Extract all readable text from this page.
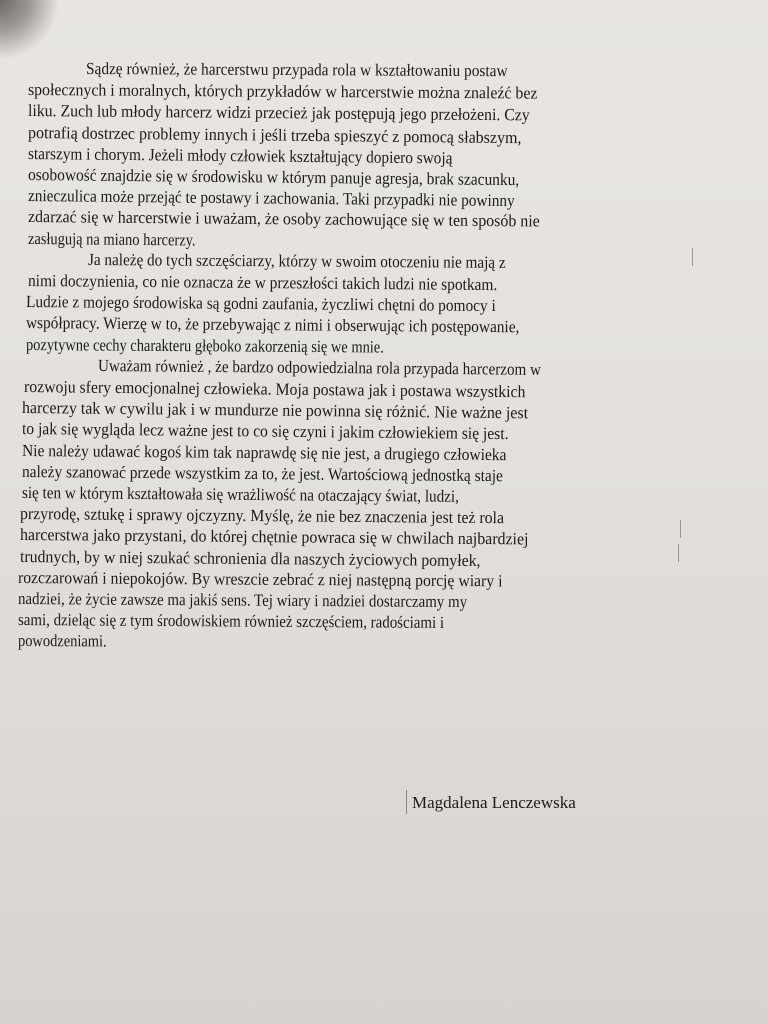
Sądzę również, że harcerstwu przypada rola w kształtowaniu postaw
społecznych i moralnych, których przykładów w harcerstwie można znaleźć bez
liku. Zuch lub młody harcerz widzi przecież jak postępują jego przełożeni. Czy
potrafią dostrzec problemy innych i jeśli trzeba spieszyć z pomocą słabszym,
starszym i chorym. Jeżeli młody człowiek kształtujący dopiero swoją
osobowość znajdzie się w środowisku w którym panuje agresja, brak szacunku,
znieczulica może przejąć te postawy i zachowania. Taki przypadki nie powinny
zdarzać się w harcerstwie i uważam, że osoby zachowujące się w ten sposób nie
zasługują na miano harcerzy.
Ja należę do tych szczęściarzy, którzy w swoim otoczeniu nie mają z
nimi doczynienia, co nie oznacza że w przeszłości takich ludzi nie spotkam.
Ludzie z mojego środowiska są godni zaufania, życzliwi chętni do pomocy i
współpracy. Wierzę w to, że przebywając z nimi i obserwując ich postępowanie,
pozytywne cechy charakteru głęboko zakorzenią się we mnie.
Uważam również , że bardzo odpowiedzialna rola przypada harcerzom w
rozwoju sfery emocjonalnej człowieka. Moja postawa jak i postawa wszystkich
harcerzy tak w cywilu jak i w mundurze nie powinna się różnić. Nie ważne jest
to jak się wygląda lecz ważne jest to co się czyni i jakim człowiekiem się jest.
Nie należy udawać kogoś kim tak naprawdę się nie jest, a drugiego człowieka
należy szanować przede wszystkim za to, że jest. Wartościową jednostką staje
się ten w którym kształtowała się wrażliwość na otaczający świat, ludzi,
przyrodę, sztukę i sprawy ojczyzny. Myślę, że nie bez znaczenia jest też rola
harcerstwa jako przystani, do której chętnie powraca się w chwilach najbardziej
trudnych, by w niej szukać schronienia dla naszych życiowych pomyłek,
rozczarowań i niepokojów. By wreszcie zebrać z niej następną porcję wiary i
nadziei, że życie zawsze ma jakiś sens. Tej wiary i nadziei dostarczamy my
sami, dzieląc się z tym środowiskiem również szczęściem, radościami i
powodzeniami.
Magdalena Lenczewska
